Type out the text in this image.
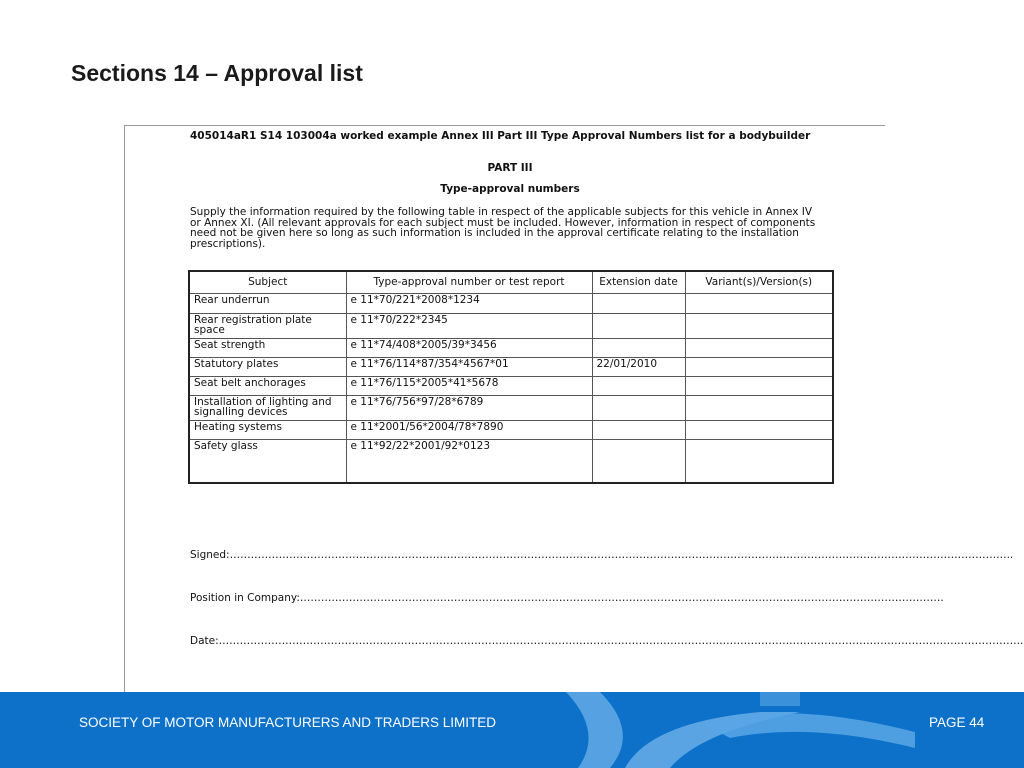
Sections 14 – Approval list
405014aR1 S14 103004a worked example Annex III Part III Type Approval Numbers list for a bodybuilder
PART III
Type-approval numbers
Supply the information required by the following table in respect of the applicable subjects for this vehicle in Annex IV or Annex XI. (All relevant approvals for each subject must be included. However, information in respect of components need not be given here so long as such information is included in the approval certificate relating to the installation prescriptions).
Subject	Type-approval number or test report	Extension date	Variant(s)/Version(s)
Rear underrun	e 11*70/221*2008*1234		
Rear registration plate space	e 11*70/222*2345		
Seat strength	e 11*74/408*2005/39*3456		
Statutory plates	e 11*76/114*87/354*4567*01	22/01/2010	
Seat belt anchorages	e 11*76/115*2005*41*5678		
Installation of lighting and signalling devices	e 11*76/756*97/28*6789		
Heating systems	e 11*2001/56*2004/78*7890		
Safety glass	e 11*92/22*2001/92*0123		
Signed:……………………………………………………………………………………………………………………………………………………………………………………………………..
Position in Company:………………………………………………………………………………………………………………………………………………………………….
Date:…………………………………………………………………………………………………………………………………………………………………………………………………………..
SOCIETY OF MOTOR MANUFACTURERS AND TRADERS LIMITED	PAGE 44
